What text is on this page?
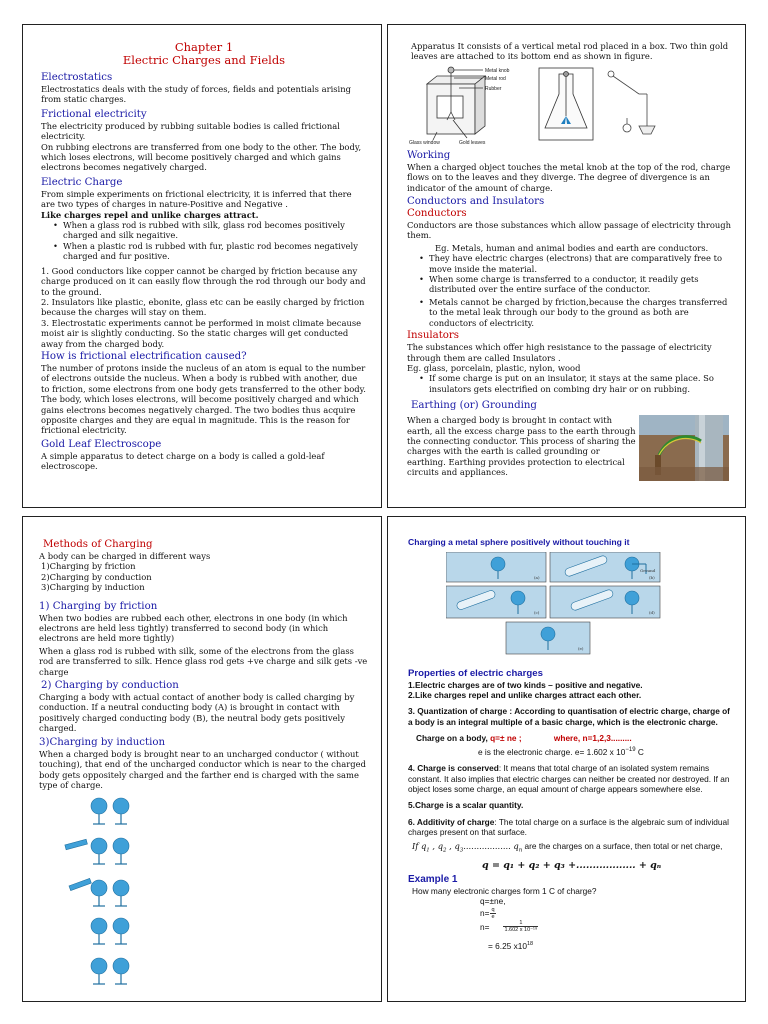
Chapter 1
Electric Charges and Fields
Electrostatics
Electrostatics deals with the study of forces, fields and potentials arising from static charges.
Frictional electricity
The electricity produced by rubbing suitable bodies is called frictional electricity.
On rubbing electrons are transferred from one body to the other. The body, which loses electrons, will become positively charged and which gains electrons becomes negatively charged.
Electric Charge
From simple experiments on frictional electricity, it is inferred that there are two types of charges in nature-Positive and Negative .
Like charges repel and unlike charges attract.
• When a glass rod is rubbed with silk, glass rod becomes positively charged and silk negaitive.
• When a plastic rod is rubbed with fur, plastic rod becomes negatively charged and fur positive.
1. Good conductors like copper cannot be charged by friction because any charge produced on it can easily flow through the rod through our body and to the ground.
2. Insulators like plastic, ebonite, glass etc can be easily charged by friction because the charges will stay on them.
3. Electrostatic experiments cannot be performed in moist climate because moist air is slightly conducting. So the static charges will get conducted away from the charged body.
How is frictional electrification caused?
The number of protons inside the nucleus of an atom is equal to the number of electrons outside the nucleus. When a body is rubbed with another, due to friction, some electrons from one body gets transferred to the other body. The body, which loses electrons, will become positively charged and which gains electrons becomes negatively charged. The two bodies thus acquire opposite charges and they are equal in magnitude. This is the reason for frictional electricity.
Gold Leaf Electroscope
A simple apparatus to detect charge on a body is called a gold-leaf electroscope.
Apparatus It consists of a vertical metal rod placed in a box. Two thin gold leaves are attached to its bottom end as shown in figure.
Metal knob
Metal rod
Rubber
Glass window	Gold leaves
Working
When a charged object touches the metal knob at the top of the rod, charge flows on to the leaves and they diverge. The degree of divergence is an indicator of the amount of charge.
Conductors and Insulators
Conductors
Conductors are those substances which allow passage of electricity through them.
Eg. Metals, human and animal bodies and earth are conductors.
• They have electric charges (electrons) that are comparatively free to move inside the material.
• When some charge is transferred to a conductor, it readily gets distributed over the entire surface of the conductor.
• Metals cannot be charged by friction,because the charges transferred to the metal leak through our body to the ground as both are conductors of electricity.
Insulators
The substances which offer high resistance to the passage of electricity through them are called Insulators .
Eg. glass, porcelain, plastic, nylon, wood
• If some charge is put on an insulator, it stays at the same place. So insulators gets electrified on combing dry hair or on rubbing.
Earthing (or) Grounding
When a charged body is brought in contact with earth, all the excess charge pass to the earth through the connecting conductor. This process of sharing the charges with the earth is called grounding or earthing. Earthing provides protection to electrical circuits and appliances.
Methods of Charging
A body can be charged in different ways
1)Charging by friction
2)Charging by conduction
3)Charging by induction
1) Charging by friction
When two bodies are rubbed each other, electrons in one body (in which electrons are held less tightly) transferred to second body (in which electrons are held more tightly)
When a glass rod is rubbed with silk, some of the electrons from the glass rod are transferred to silk. Hence glass rod gets +ve charge and silk gets -ve charge
2) Charging by conduction
Charging a body with actual contact of another body is called charging by conduction. If a neutral conducting body (A) is brought in contact with positively charged conducting body (B), the neutral body gets positively charged.
3)Charging by induction
When a charged body is brought near to an uncharged conductor ( without touching), that end of the uncharged conductor which is near to the charged body gets oppositely charged and the farther end is charged with the same type of charge.
Charging a metal sphere positively without touching it
(a)	(b)
Ground
(c)	(d)
(e)
Properties of electric charges
1.Electric charges are of two kinds – positive and negative.
2.Like charges repel and unlike charges attract each other.
3. Quantization of charge : According to quantisation of electric charge, charge of a body is an integral multiple of a basic charge, which is the electronic charge.
Charge on a body, q=± ne ;	where, n=1,2,3.........
e is the electronic charge. e= 1.602 x $10^{-19}$ C
4. Charge is conserved: It means that total charge of an isolated system remains constant. It also implies that electric charges can neither be created nor destroyed. If an object loses some charge, an equal amount of charge appears somewhere else.
5.Charge is a scalar quantity.
6. Additivity of charge: The total charge on a surface is the algebraic sum of individual charges present on that surface.
If $q_1$ , $q_2$ , $q_3$.................. $q_n$ are the charges on a surface, then total or net charge,
q = q₁ + q₂ + q₃ +.................. + qₙ
Example 1
How many electronic charges form 1 C of charge?
q=±ne,
$n= \frac{q}{e}$
n=	$\frac{1}{\text{1.602 x 10⁻¹⁹}}$
= 6.25 $x10^{18}$
